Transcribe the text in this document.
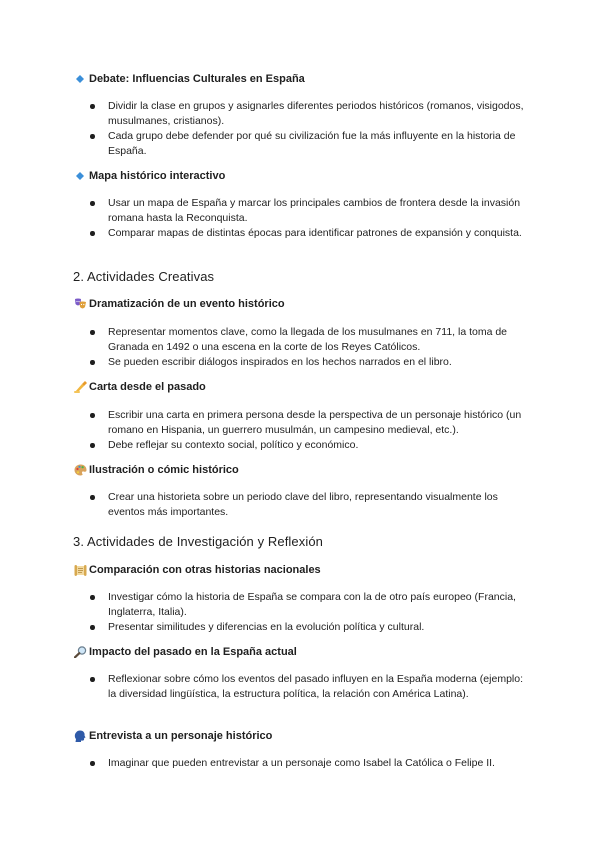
Debate: Influencias Culturales en España
Dividir la clase en grupos y asignarles diferentes periodos históricos (romanos, visigodos, musulmanes, cristianos).
Cada grupo debe defender por qué su civilización fue la más influyente en la historia de España.
Mapa histórico interactivo
Usar un mapa de España y marcar los principales cambios de frontera desde la invasión romana hasta la Reconquista.
Comparar mapas de distintas épocas para identificar patrones de expansión y conquista.
2. Actividades Creativas
Dramatización de un evento histórico
Representar momentos clave, como la llegada de los musulmanes en 711, la toma de Granada en 1492 o una escena en la corte de los Reyes Católicos.
Se pueden escribir diálogos inspirados en los hechos narrados en el libro.
Carta desde el pasado
Escribir una carta en primera persona desde la perspectiva de un personaje histórico (un romano en Hispania, un guerrero musulmán, un campesino medieval, etc.).
Debe reflejar su contexto social, político y económico.
Ilustración o cómic histórico
Crear una historieta sobre un periodo clave del libro, representando visualmente los eventos más importantes.
3. Actividades de Investigación y Reflexión
Comparación con otras historias nacionales
Investigar cómo la historia de España se compara con la de otro país europeo (Francia, Inglaterra, Italia).
Presentar similitudes y diferencias en la evolución política y cultural.
Impacto del pasado en la España actual
Reflexionar sobre cómo los eventos del pasado influyen en la España moderna (ejemplo: la diversidad lingüística, la estructura política, la relación con América Latina).
Entrevista a un personaje histórico
Imaginar que pueden entrevistar a un personaje como Isabel la Católica o Felipe II.
